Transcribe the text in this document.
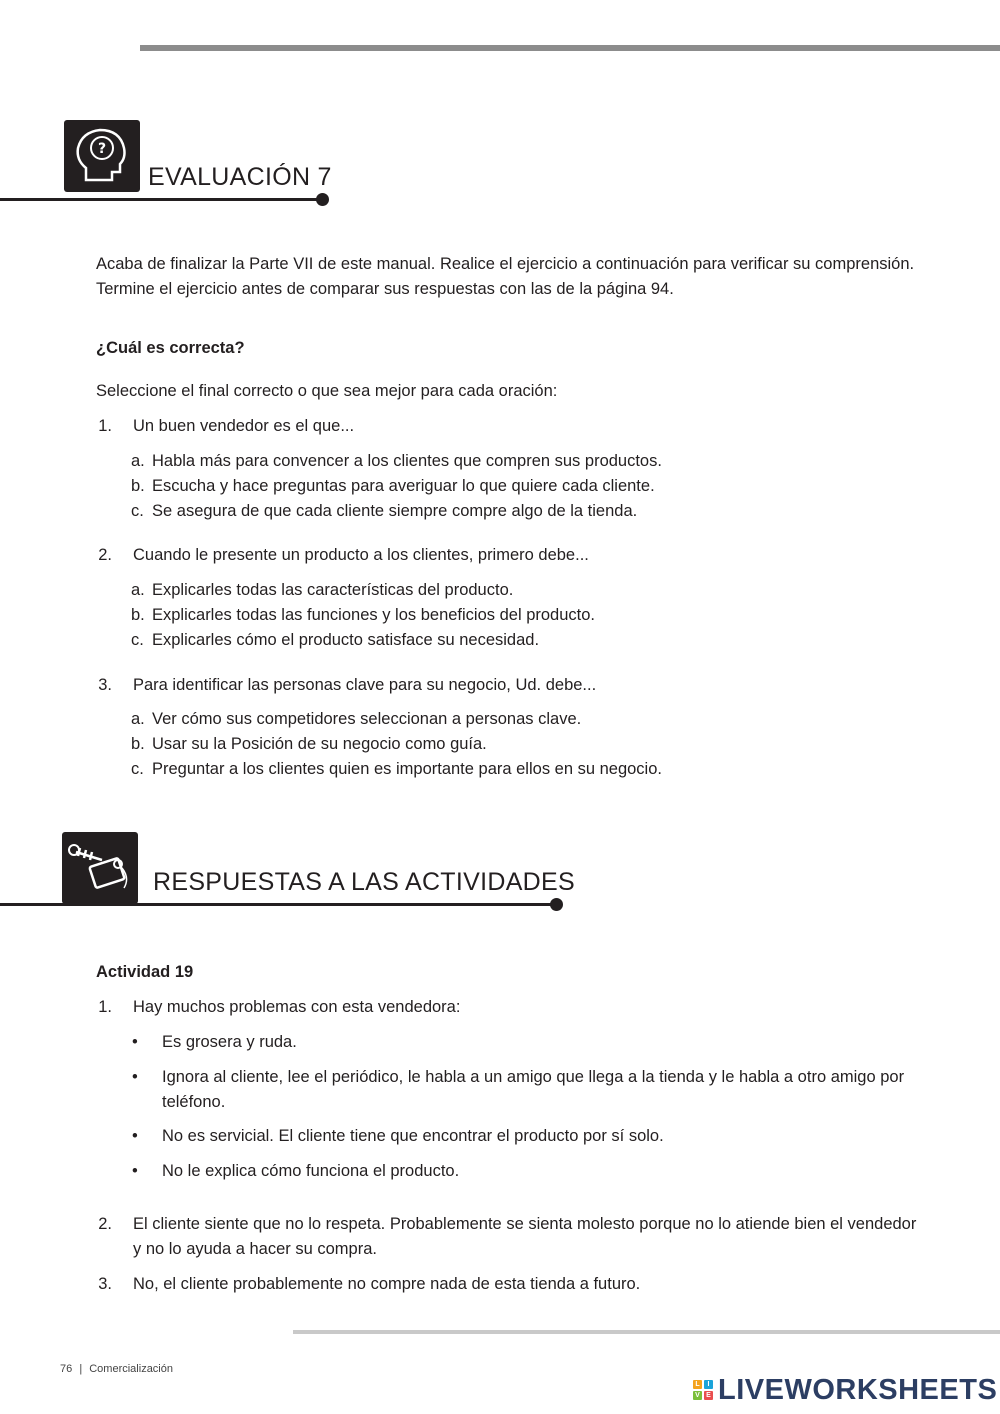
?
EVALUACIÓN 7
Acaba de finalizar la Parte VII de este manual. Realice el ejercicio a continuación para verificar su comprensión.
Termine el ejercicio antes de comparar sus respuestas con las de la página 94.
¿Cuál es correcta?
Seleccione el final correcto o que sea mejor para cada oración:
1. Un buen vendedor es el que...
a. Habla más para convencer a los clientes que compren sus productos.
b. Escucha y hace preguntas para averiguar lo que quiere cada cliente.
c. Se asegura de que cada cliente siempre compre algo de la tienda.
2. Cuando le presente un producto a los clientes, primero debe...
a. Explicarles todas las características del producto.
b. Explicarles todas las funciones y los beneficios del producto.
c. Explicarles cómo el producto satisface su necesidad.
3. Para identificar las personas clave para su negocio, Ud. debe...
a. Ver cómo sus competidores seleccionan a personas clave.
b. Usar su la Posición de su negocio como guía.
c. Preguntar a los clientes quien es importante para ellos en su negocio.
RESPUESTAS A LAS ACTIVIDADES
Actividad 19
1. Hay muchos problemas con esta vendedora:
• Es grosera y ruda.
• Ignora al cliente, lee el periódico, le habla a un amigo que llega a la tienda y le habla a otro amigo por
teléfono.
• No es servicial. El cliente tiene que encontrar el producto por sí solo.
• No le explica cómo funciona el producto.
2. El cliente siente que no lo respeta. Probablemente se sienta molesto porque no lo atiende bien el vendedor
y no lo ayuda a hacer su compra.
3. No, el cliente probablemente no compre nada de esta tienda a futuro.
76 | Comercialización
L	I
V E LIVEWORKSHEETS
